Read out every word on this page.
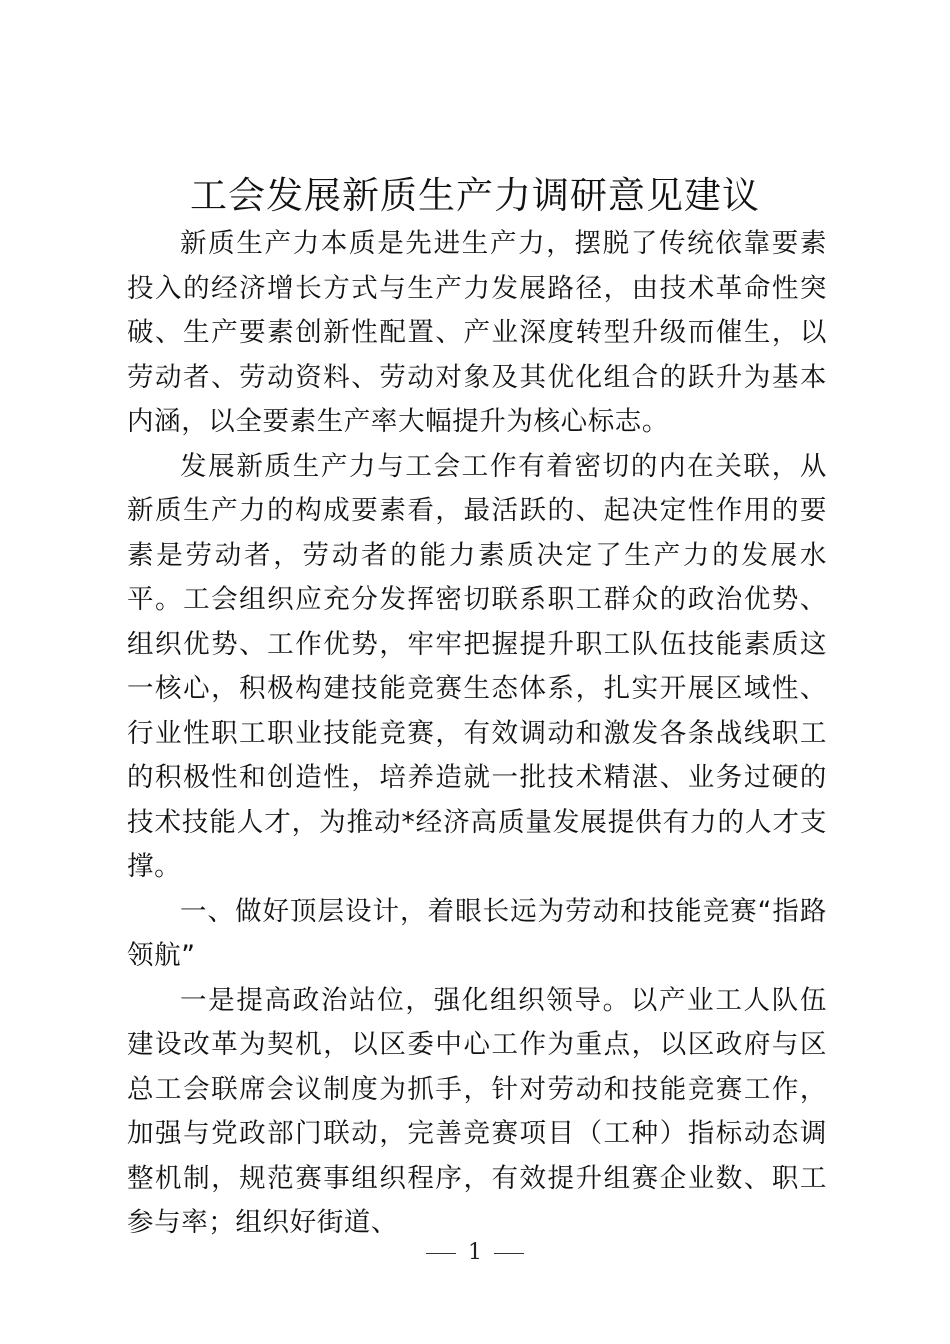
工会发展新质生产力调研意见建议

新质生产力本质是先进生产力，摆脱了传统依靠要素投入的经济增长方式与生产力发展路径，由技术革命性突破、生产要素创新性配置、产业深度转型升级而催生，以劳动者、劳动资料、劳动对象及其优化组合的跃升为基本内涵，以全要素生产率大幅提升为核心标志。

发展新质生产力与工会工作有着密切的内在关联，从新质生产力的构成要素看，最活跃的、起决定性作用的要素是劳动者，劳动者的能力素质决定了生产力的发展水平。工会组织应充分发挥密切联系职工群众的政治优势、组织优势、工作优势，牢牢把握提升职工队伍技能素质这一核心，积极构建技能竞赛生态体系，扎实开展区域性、行业性职工职业技能竞赛，有效调动和激发各条战线职工的积极性和创造性，培养造就一批技术精湛、业务过硬的技术技能人才，为推动*经济高质量发展提供有力的人才支撑。

一、做好顶层设计，着眼长远为劳动和技能竞赛“指路领航”

一是提高政治站位，强化组织领导。以产业工人队伍建设改革为契机，以区委中心工作为重点，以区政府与区总工会联席会议制度为抓手，针对劳动和技能竞赛工作，加强与党政部门联动，完善竞赛项目（工种）指标动态调整机制，规范赛事组织程序，有效提升组赛企业数、职工参与率；组织好街道、

1
